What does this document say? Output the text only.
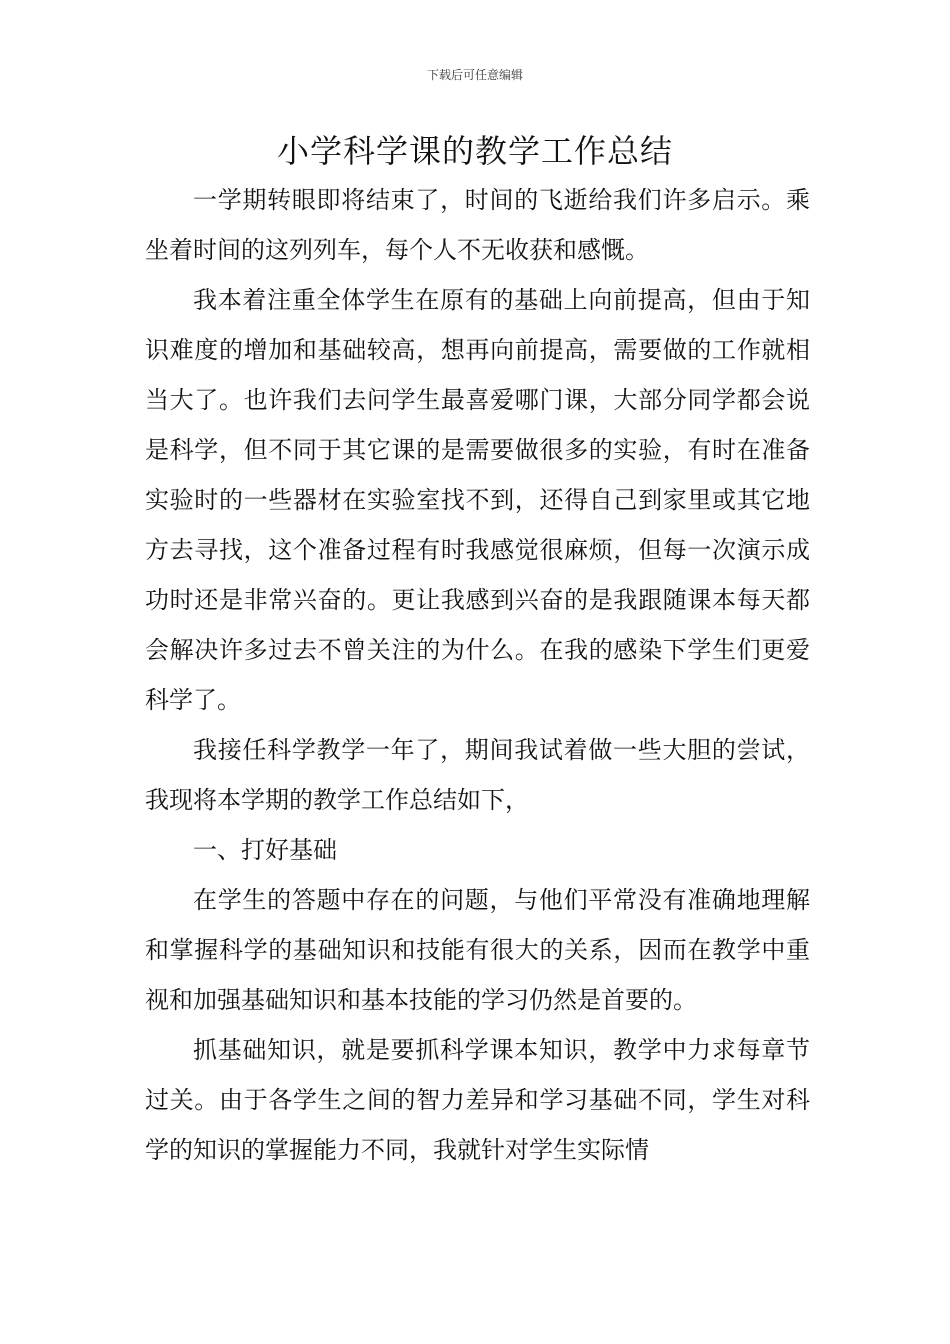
下载后可任意编辑
小学科学课的教学工作总结

一学期转眼即将结束了，时间的飞逝给我们许多启示。乘坐着时间的这列列车，每个人不无收获和感慨。

我本着注重全体学生在原有的基础上向前提高，但由于知识难度的增加和基础较高，想再向前提高，需要做的工作就相当大了。也许我们去问学生最喜爱哪门课，大部分同学都会说是科学，但不同于其它课的是需要做很多的实验，有时在准备实验时的一些器材在实验室找不到，还得自己到家里或其它地方去寻找，这个准备过程有时我感觉很麻烦，但每一次演示成功时还是非常兴奋的。更让我感到兴奋的是我跟随课本每天都会解决许多过去不曾关注的为什么。在我的感染下学生们更爱科学了。

我接任科学教学一年了，期间我试着做一些大胆的尝试，我现将本学期的教学工作总结如下，

一、打好基础

在学生的答题中存在的问题，与他们平常没有准确地理解和掌握科学的基础知识和技能有很大的关系，因而在教学中重视和加强基础知识和基本技能的学习仍然是首要的。

抓基础知识，就是要抓科学课本知识，教学中力求每章节过关。由于各学生之间的智力差异和学习基础不同，学生对科学的知识的掌握能力不同，我就针对学生实际情
